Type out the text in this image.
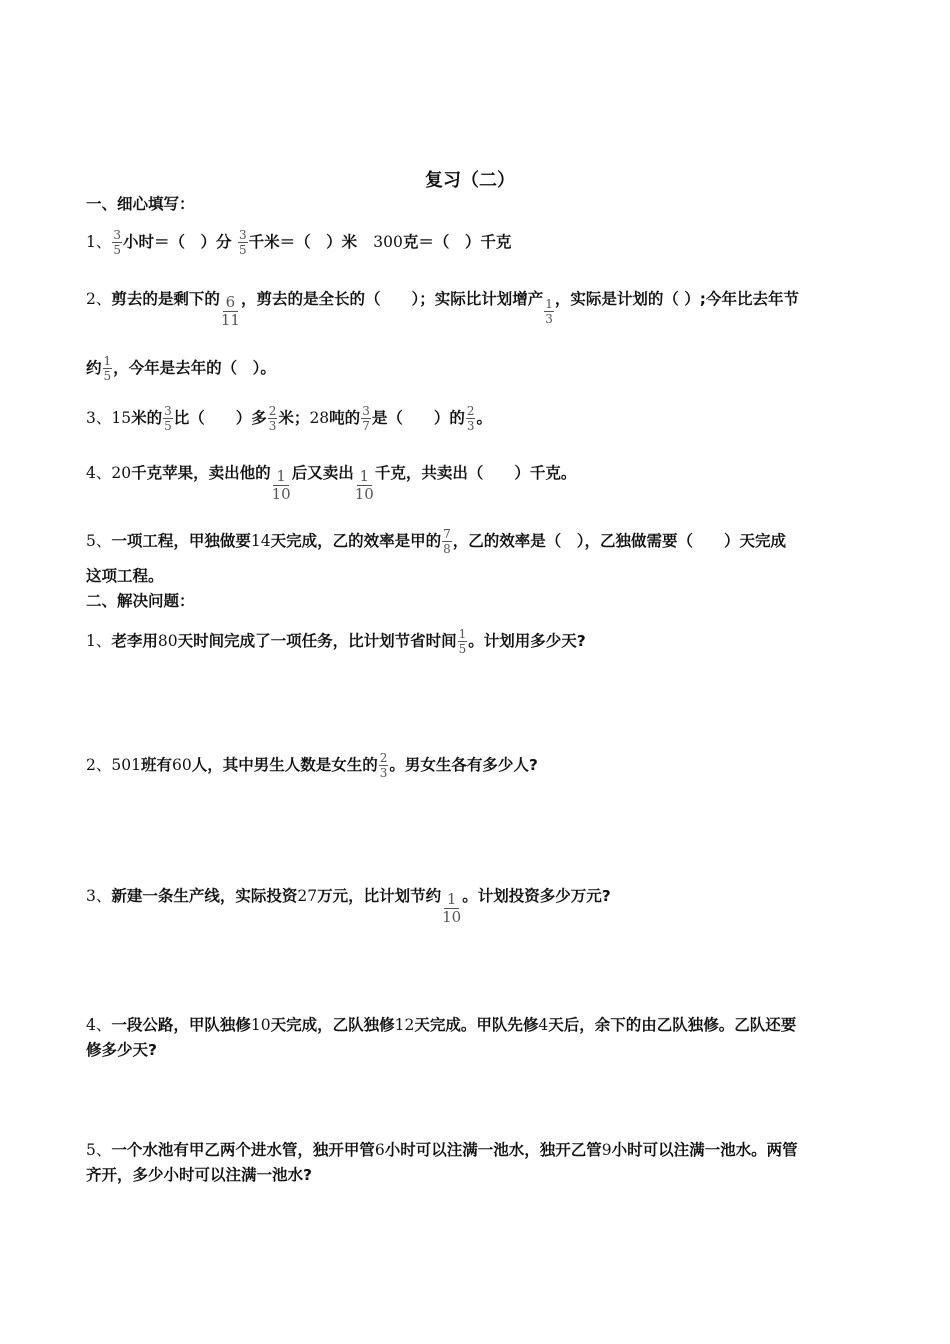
复习（二）
一、细心填写：
1、 $\frac{3}{5}$ 小时＝（　）分 $\frac{3}{5}$ 千米＝（　）米 300克＝（　）千克
2、剪去的是剩下的 $\frac{6}{11}$ ，剪去的是全长的（　　）；实际比计划增产 $\frac{1}{3}$ ，实际是计划的（ ）;今年比去年节
约 $\frac{1}{5}$ ，今年是去年的（　）。
3、15米的 $\frac{3}{5}$ 比（　　）多 $\frac{2}{3}$ 米；28吨的 $\frac{3}{7}$ 是（　　）的 $\frac{2}{3}$ 。
4、20千克苹果，卖出他的 $\frac{1}{10}$ 后又卖出 $\frac{1}{10}$ 千克，共卖出（　　）千克。
5、一项工程，甲独做要14天完成，乙的效率是甲的 $\frac{7}{8}$ ，乙的效率是（　），乙独做需要（　　）天完成
这项工程。
二、解决问题：
1、老李用80天时间完成了一项任务，比计划节省时间 $\frac{1}{5}$ 。计划用多少天?
2、501班有60人，其中男生人数是女生的 $\frac{2}{3}$ 。男女生各有多少人?
3、新建一条生产线，实际投资27万元，比计划节约 $\frac{1}{10}$ 。计划投资多少万元?
4、一段公路，甲队独修10天完成，乙队独修12天完成。甲队先修4天后，余下的由乙队独修。乙队还要
修多少天?
5、一个水池有甲乙两个进水管，独开甲管6小时可以注满一池水，独开乙管9小时可以注满一池水。两管
齐开，多少小时可以注满一池水?
